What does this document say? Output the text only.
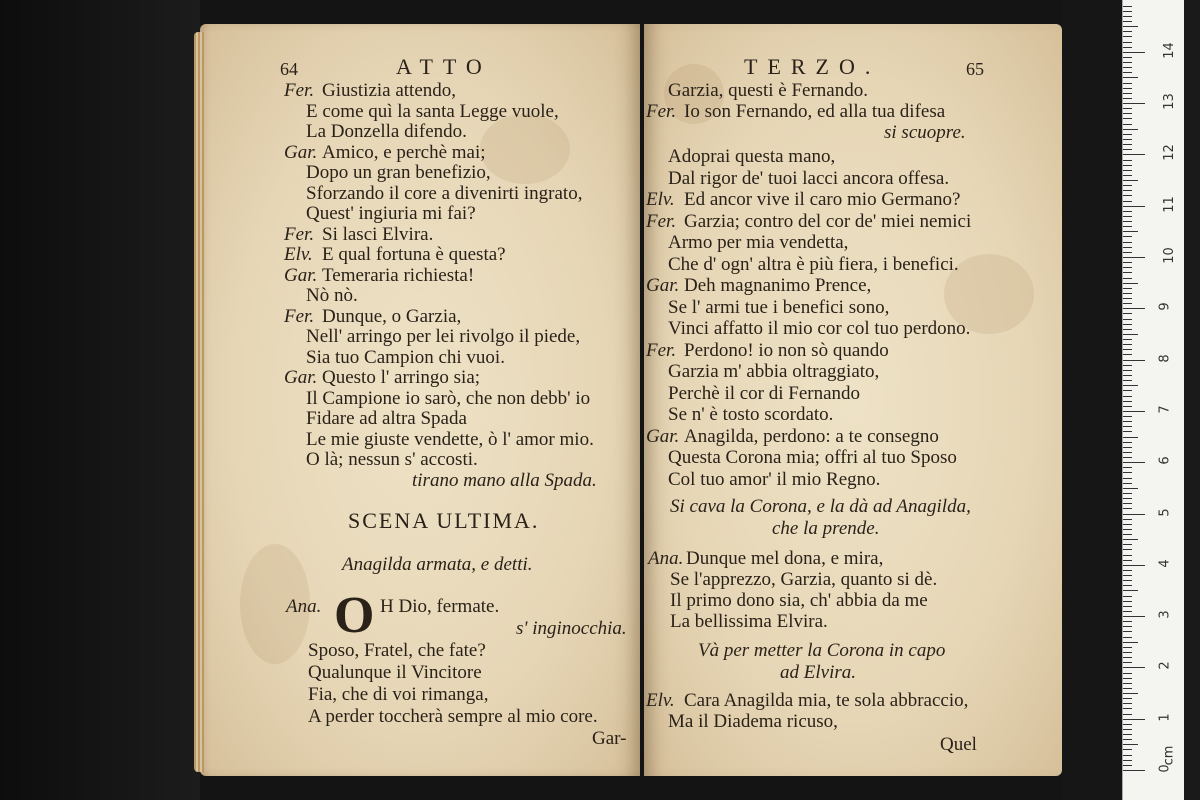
64	ATTO
Fer. Giustizia attendo,
E come quì la santa Legge vuole,
La Donzella difendo.
Gar. Amico, e perchè mai;
Dopo un gran benefizio,
Sforzando il core a divenirti ingrato,
Quest' ingiuria mi fai?
Fer. Si lasci Elvira.
Elv. E qual fortuna è questa?
Gar. Temeraria richiesta!
Nò nò.
Fer. Dunque, o Garzia,
Nell' arringo per lei rivolgo il piede,
Sia tuo Campion chi vuoi.
Gar. Questo l' arringo sia;
Il Campione io sarò, che non debb' io
Fidare ad altra Spada
Le mie giuste vendette, ò l' amor mio.
O là; nessun s' accosti.
tirano mano alla Spada.
SCENA ULTIMA.
Anagilda armata, e detti.
Ana. O H Dio, fermate.
s' inginocchia.
Sposo, Fratel, che fate?
Qualunque il Vincitore
Fia, che di voi rimanga,
A perder toccherà sempre al mio core.
Gar-
TERZO.	65
Garzia, questi è Fernando.
Fer. Io son Fernando, ed alla tua difesa
si scuopre.
Adoprai questa mano,
Dal rigor de' tuoi lacci ancora offesa.
Elv. Ed ancor vive il caro mio Germano?
Fer. Garzia; contro del cor de' miei nemici
Armo per mia vendetta,
Che d' ogn' altra è più fiera, i benefici.
Gar. Deh magnanimo Prence,
Se l' armi tue i benefici sono,
Vinci affatto il mio cor col tuo perdono.
Fer. Perdono! io non sò quando
Garzia m' abbia oltraggiato,
Perchè il cor di Fernando
Se n' è tosto scordato.
Gar. Anagilda, perdono: a te consegno
Questa Corona mia; offri al tuo Sposo
Col tuo amor' il mio Regno.
Si cava la Corona, e la dà ad Anagilda,
che la prende.
Ana. Dunque mel dona, e mira,
Se l'apprezzo, Garzia, quanto si dè.
Il primo dono sia, ch' abbia da me
La bellissima Elvira.
Và per metter la Corona in capo
ad Elvira.
Elv. Cara Anagilda mia, te sola abbraccio,
Ma il Diadema ricuso,
Quel
cm
0
1
2
3
4
5
6
7
8
9
10
11
12
13
14
